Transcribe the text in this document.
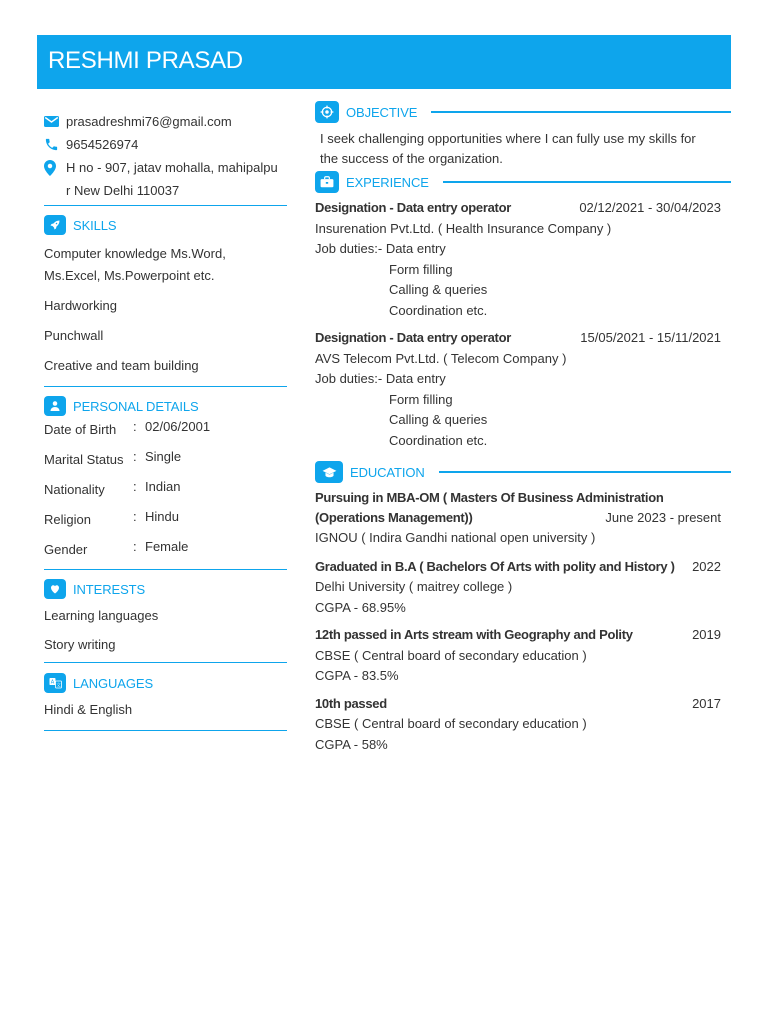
RESHMI PRASAD
prasadreshmi76@gmail.com
9654526974
H no - 907, jatav mohalla, mahipalpu
r New Delhi 110037
SKILLS
Computer knowledge Ms.Word,
Ms.Excel, Ms.Powerpoint etc.
Hardworking
Punchwall
Creative and team building
PERSONAL DETAILS
Date of Birth	: 02/06/2001
Marital Status : Single
Nationality	: Indian
Religion	: Hindu
Gender	: Female
INTERESTS
Learning languages
Story writing
A
文 LANGUAGES
Hindi & English
OBJECTIVE
I seek challenging opportunities where I can fully use my skills for
the success of the organization.
EXPERIENCE
Designation - Data entry operator	02/12/2021 - 30/04/2023
Insurenation Pvt.Ltd. ( Health Insurance Company )
Job duties:- Data entry
Form filling
Calling & queries
Coordination etc.
Designation - Data entry operator	15/05/2021 - 15/11/2021
AVS Telecom Pvt.Ltd. ( Telecom Company )
Job duties:- Data entry
Form filling
Calling & queries
Coordination etc.
EDUCATION
Pursuing in MBA-OM ( Masters Of Business Administration
(Operations Management))	June 2023 - present
IGNOU ( Indira Gandhi national open university )
Graduated in B.A ( Bachelors Of Arts with polity and History ) 2022
Delhi University ( maitrey college )
CGPA - 68.95%
12th passed in Arts stream with Geography and Polity	2019
CBSE ( Central board of secondary education )
CGPA - 83.5%
10th passed	2017
CBSE ( Central board of secondary education )
CGPA - 58%
